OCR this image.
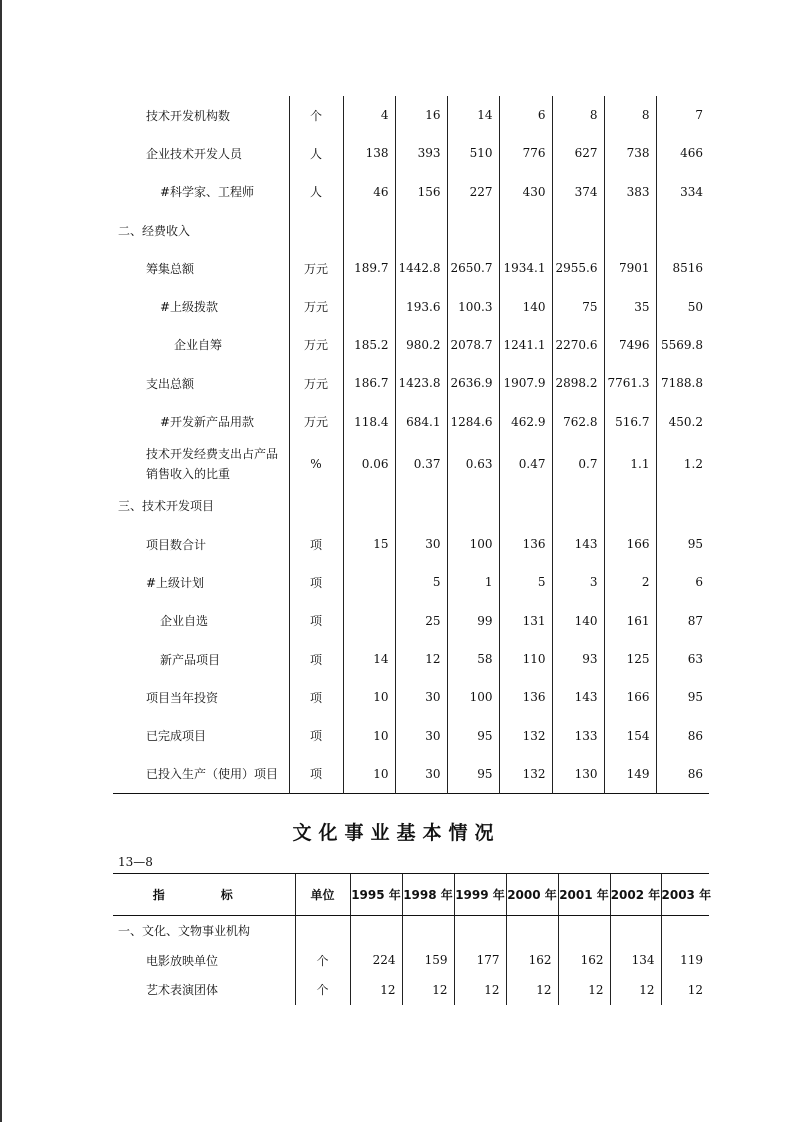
技术开发机构数	个	4	16	14	6	8	8	7
企业技术开发人员	人	138	393	510	776	627	738	466
#科学家、工程师	人	46	156	227	430	374	383	334
二、经费收入								
筹集总额	万元	189.7	1442.8	2650.7	1934.1	2955.6	7901	8516
#上级拨款	万元		193.6	100.3	140	75	35	50
企业自筹	万元	185.2	980.2	2078.7	1241.1	2270.6	7496	5569.8
支出总额	万元	186.7	1423.8	2636.9	1907.9	2898.2	7761.3	7188.8
#开发新产品用款	万元	118.4	684.1	1284.6	462.9	762.8	516.7	450.2
技术开发经费支出占产品销售收入的比重	%	0.06	0.37	0.63	0.47	0.7	1.1	1.2
三、技术开发项目								
项目数合计	项	15	30	100	136	143	166	95
#上级计划	项		5	1	5	3	2	6
企业自选	项		25	99	131	140	161	87
新产品项目	项	14	12	58	110	93	125	63
项目当年投资	项	10	30	100	136	143	166	95
已完成项目	项	10	30	95	132	133	154	86
已投入生产（使用）项目	项	10	30	95	132	130	149	86
文化事业基本情况
13—8
指　标	单位	1995 年	1998 年	1999 年	2000 年	2001 年	2002 年	2003 年
一、文化、文物事业机构								
电影放映单位	个	224	159	177	162	162	134	119
艺术表演团体	个	12	12	12	12	12	12	12
